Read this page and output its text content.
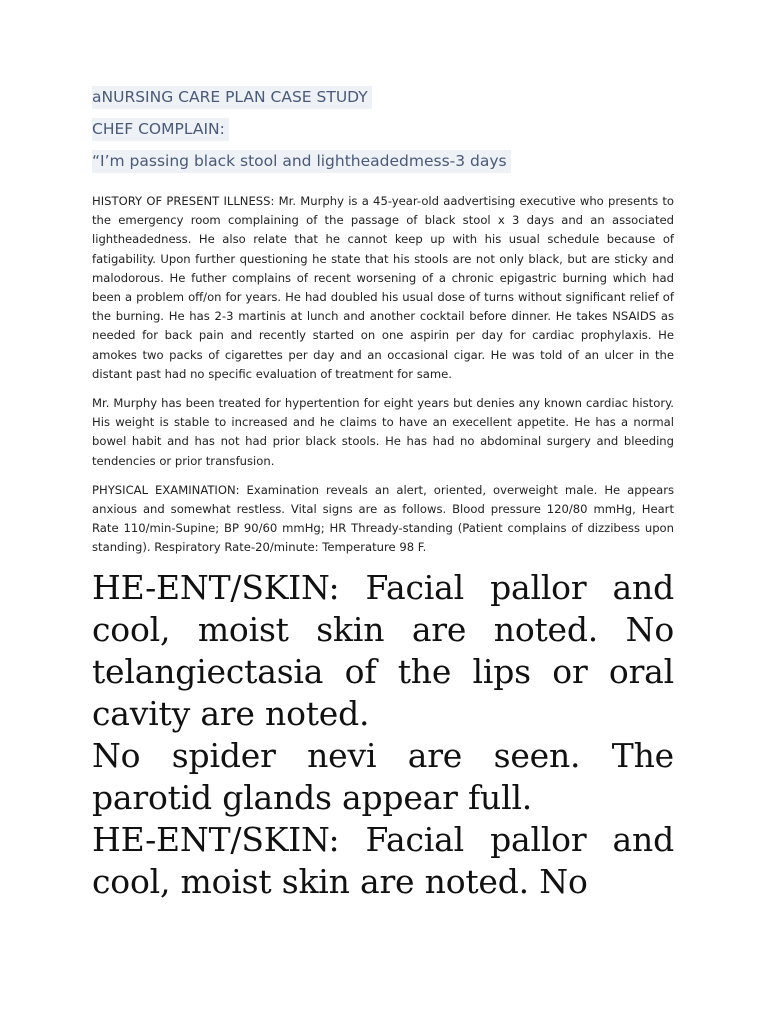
aNURSING CARE PLAN CASE STUDY
CHEF COMPLAIN:
“I’m passing black stool and lightheadedmess-3 days

HISTORY OF PRESENT ILLNESS: Mr. Murphy is a 45-year-old aadvertising executive who presents to the emergency room complaining of the passage of black stool x 3 days and an associated lightheadedness. He also relate that he cannot keep up with his usual schedule because of fatigability. Upon further questioning he state that his stools are not only black, but are sticky and malodorous. He futher complains of recent worsening of a chronic epigastric burning which had been a problem off/on for years. He had doubled his usual dose of turns without significant relief of the burning. He has 2-3 martinis at lunch and another cocktail before dinner. He takes NSAIDS as needed for back pain and recently started on one aspirin per day for cardiac prophylaxis. He amokes two packs of cigarettes per day and an occasional cigar. He was told of an ulcer in the distant past had no specific evaluation of treatment for same.

Mr. Murphy has been treated for hypertention for eight years but denies any known cardiac history. His weight is stable to increased and he claims to have an execellent appetite. He has a normal bowel habit and has not had prior black stools. He has had no abdominal surgery and bleeding tendencies or prior transfusion.

PHYSICAL EXAMINATION: Examination reveals an alert, oriented, overweight male. He appears anxious and somewhat restless. Vital signs are as follows. Blood pressure 120/80 mmHg, Heart Rate 110/min-Supine; BP 90/60 mmHg; HR Thready-standing (Patient complains of dizzibess upon standing). Respiratory Rate-20/minute: Temperature 98 F.

HE-ENT/SKIN: Facial pallor and cool, moist skin are noted. No telangiectasia of the lips or oral cavity are noted.

No spider nevi are seen. The parotid glands appear full.

HE-ENT/SKIN: Facial pallor and cool, moist skin are noted. No
